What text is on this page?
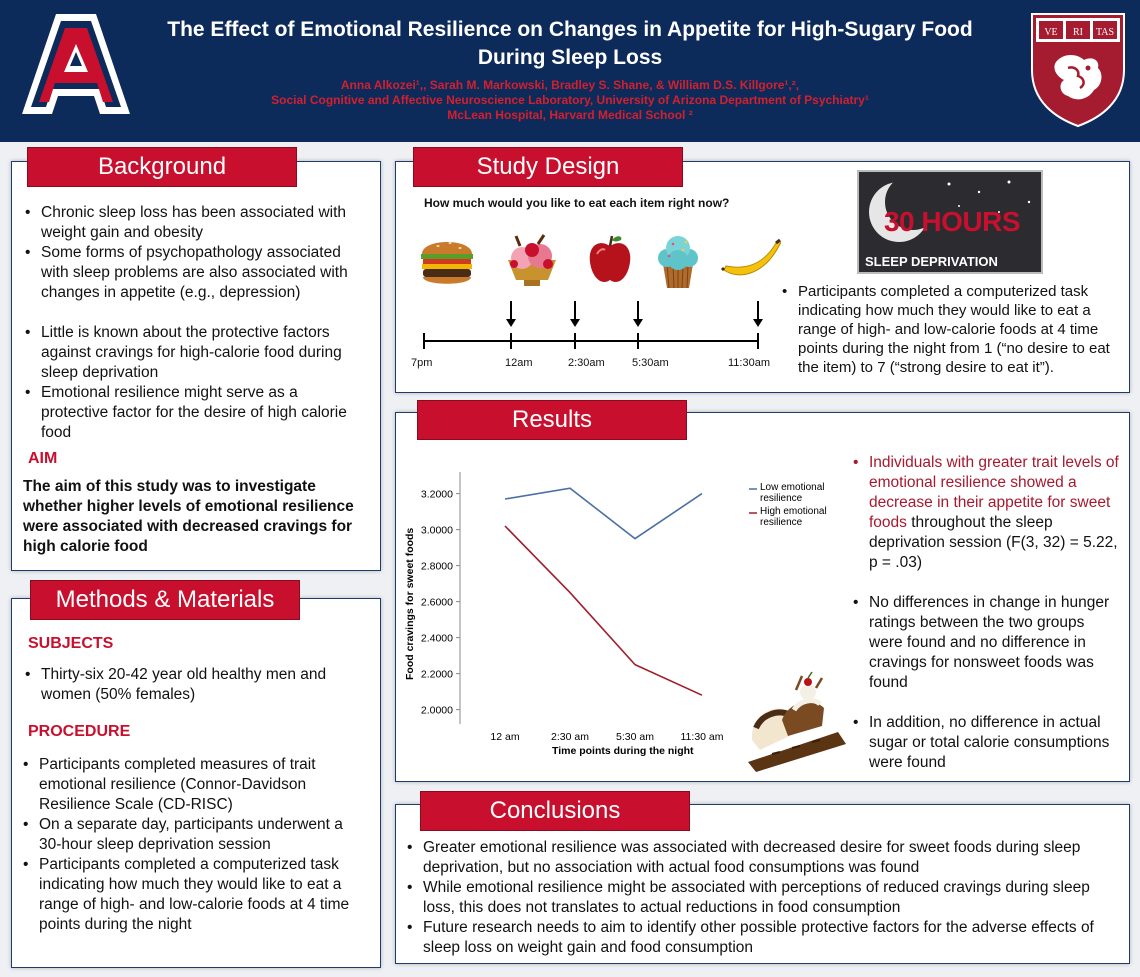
The Effect of Emotional Resilience on Changes in Appetite for High-Sugary Food
During Sleep Loss
Anna Alkozei¹,, Sarah M. Markowski, Bradley S. Shane, & William D.S. Killgore¹,²,
Social Cognitive and Affective Neuroscience Laboratory, University of Arizona Department of Psychiatry¹
McLean Hospital, Harvard Medical School ²
VE RI TAS
Background
• Chronic sleep loss has been associated with weight gain and obesity
• Some forms of psychopathology associated with sleep problems are also associated with changes in appetite (e.g., depression)
• Little is known about the protective factors against cravings for high-calorie food during sleep deprivation
• Emotional resilience might serve as a protective factor for the desire of high calorie food
AIM
The aim of this study was to investigate whether higher levels of emotional resilience were associated with decreased cravings for high calorie food
Methods & Materials
SUBJECTS
• Thirty-six 20-42 year old healthy men and women (50% females)
PROCEDURE
• Participants completed measures of trait emotional resilience (Connor-Davidson Resilience Scale (CD-RISC)
• On a separate day, participants underwent a 30-hour sleep deprivation session
• Participants completed a computerized task indicating how much they would like to eat a range of high- and low-calorie foods at 4 time points during the night
Study Design
How much would you like to eat each item right now?
7pm	12am	2:30am 5:30am	11:30am
30 HOURS
SLEEP DEPRIVATION
• Participants completed a computerized task indicating how much they would like to eat a range of high- and low-calorie foods at 4 time points during the night from 1 (“no desire to eat the item) to 7 (“strong desire to eat it”).
Results
2.0000
2.2000
2.4000
2.6000
2.8000
3.0000
3.2000
12 am	2:30 am	5:30 am	11:30 am
Time points during the night
Food cravings for sweet foods
Low emotional
resilience
High emotional
resilience
• Individuals with greater trait levels of emotional resilience showed a decrease in their appetite for sweet foods throughout the sleep deprivation session (F(3, 32) = 5.22, p = .03)
• No differences in change in hunger ratings between the two groups were found and no difference in cravings for nonsweet foods was found
• In addition, no difference in actual sugar or total calorie consumptions were found
Conclusions
• Greater emotional resilience was associated with decreased desire for sweet foods during sleep deprivation, but no association with actual food consumptions was found
• While emotional resilience might be associated with perceptions of reduced cravings during sleep loss, this does not translates to actual reductions in food consumption
• Future research needs to aim to identify other possible protective factors for the adverse effects of sleep loss on weight gain and food consumption
